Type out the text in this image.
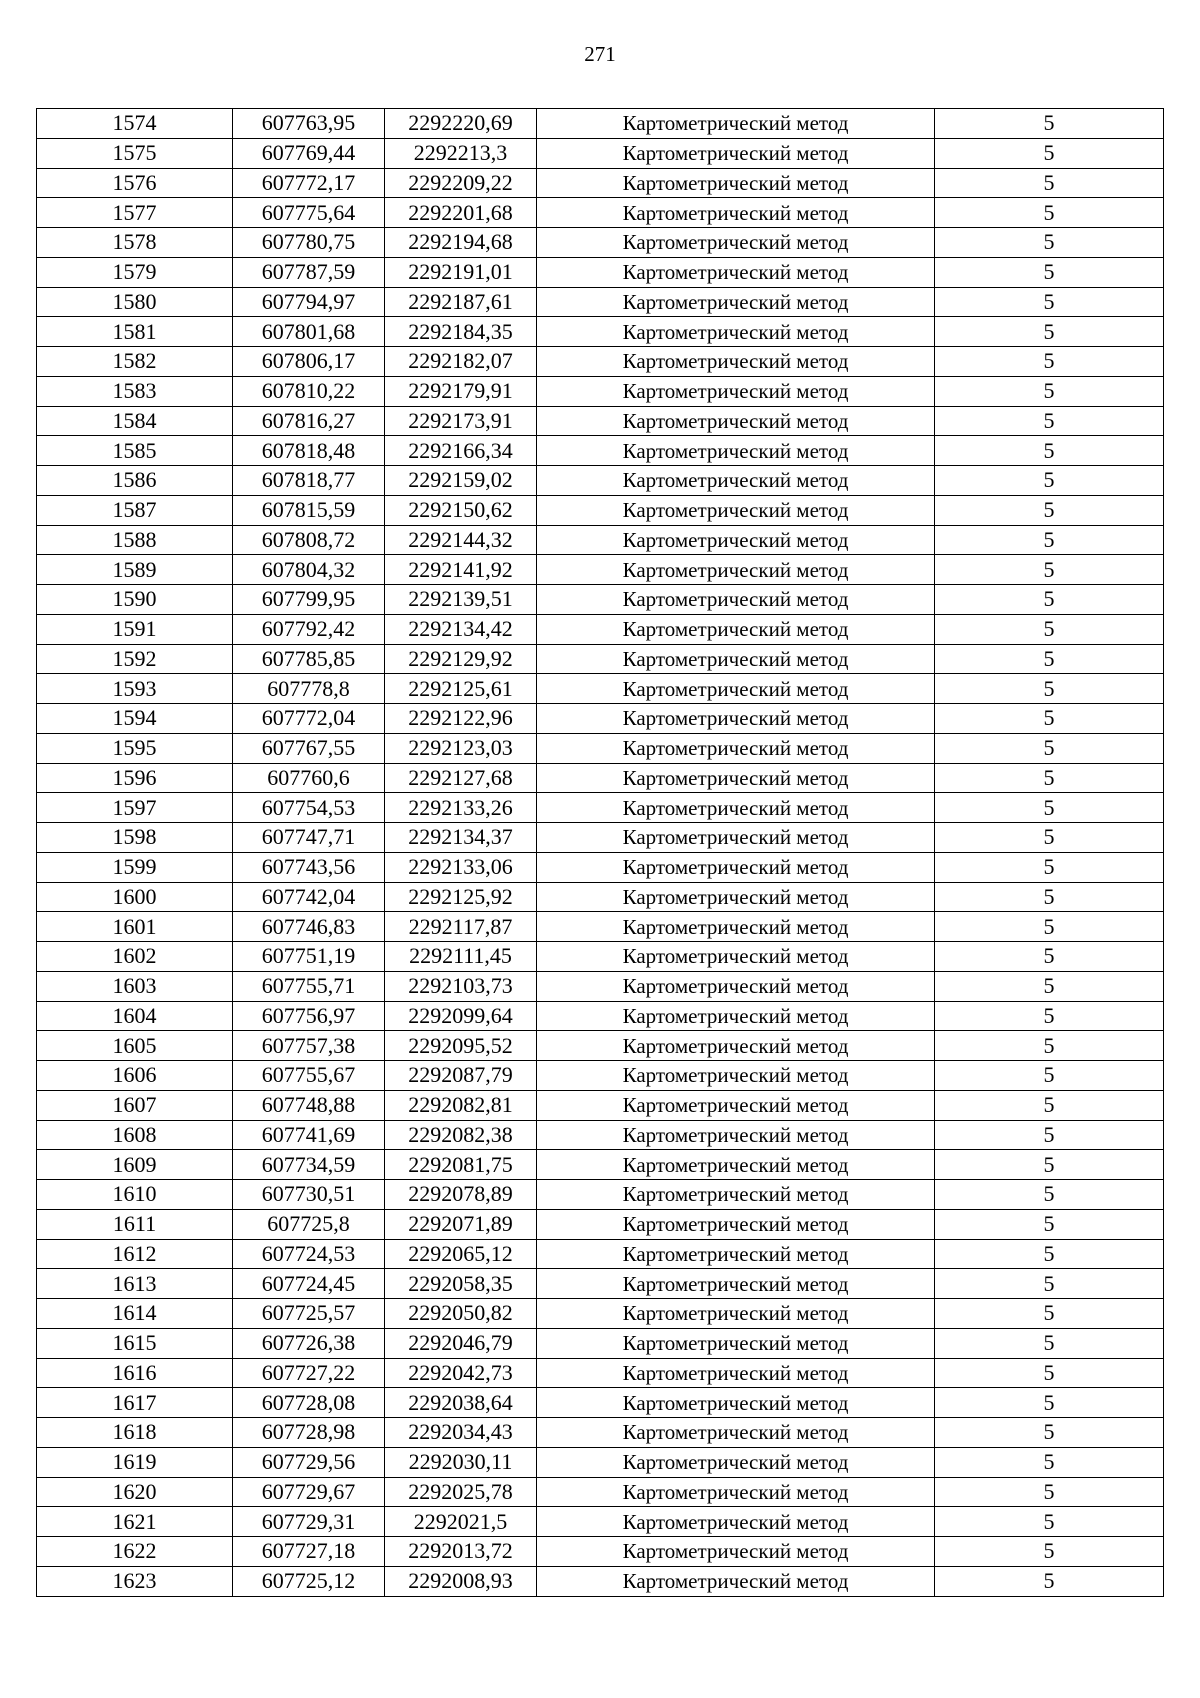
271
1574	607763,95	2292220,69	Картометрический метод	5
1575	607769,44	2292213,3	Картометрический метод	5
1576	607772,17	2292209,22	Картометрический метод	5
1577	607775,64	2292201,68	Картометрический метод	5
1578	607780,75	2292194,68	Картометрический метод	5
1579	607787,59	2292191,01	Картометрический метод	5
1580	607794,97	2292187,61	Картометрический метод	5
1581	607801,68	2292184,35	Картометрический метод	5
1582	607806,17	2292182,07	Картометрический метод	5
1583	607810,22	2292179,91	Картометрический метод	5
1584	607816,27	2292173,91	Картометрический метод	5
1585	607818,48	2292166,34	Картометрический метод	5
1586	607818,77	2292159,02	Картометрический метод	5
1587	607815,59	2292150,62	Картометрический метод	5
1588	607808,72	2292144,32	Картометрический метод	5
1589	607804,32	2292141,92	Картометрический метод	5
1590	607799,95	2292139,51	Картометрический метод	5
1591	607792,42	2292134,42	Картометрический метод	5
1592	607785,85	2292129,92	Картометрический метод	5
1593	607778,8	2292125,61	Картометрический метод	5
1594	607772,04	2292122,96	Картометрический метод	5
1595	607767,55	2292123,03	Картометрический метод	5
1596	607760,6	2292127,68	Картометрический метод	5
1597	607754,53	2292133,26	Картометрический метод	5
1598	607747,71	2292134,37	Картометрический метод	5
1599	607743,56	2292133,06	Картометрический метод	5
1600	607742,04	2292125,92	Картометрический метод	5
1601	607746,83	2292117,87	Картометрический метод	5
1602	607751,19	2292111,45	Картометрический метод	5
1603	607755,71	2292103,73	Картометрический метод	5
1604	607756,97	2292099,64	Картометрический метод	5
1605	607757,38	2292095,52	Картометрический метод	5
1606	607755,67	2292087,79	Картометрический метод	5
1607	607748,88	2292082,81	Картометрический метод	5
1608	607741,69	2292082,38	Картометрический метод	5
1609	607734,59	2292081,75	Картометрический метод	5
1610	607730,51	2292078,89	Картометрический метод	5
1611	607725,8	2292071,89	Картометрический метод	5
1612	607724,53	2292065,12	Картометрический метод	5
1613	607724,45	2292058,35	Картометрический метод	5
1614	607725,57	2292050,82	Картометрический метод	5
1615	607726,38	2292046,79	Картометрический метод	5
1616	607727,22	2292042,73	Картометрический метод	5
1617	607728,08	2292038,64	Картометрический метод	5
1618	607728,98	2292034,43	Картометрический метод	5
1619	607729,56	2292030,11	Картометрический метод	5
1620	607729,67	2292025,78	Картометрический метод	5
1621	607729,31	2292021,5	Картометрический метод	5
1622	607727,18	2292013,72	Картометрический метод	5
1623	607725,12	2292008,93	Картометрический метод	5
